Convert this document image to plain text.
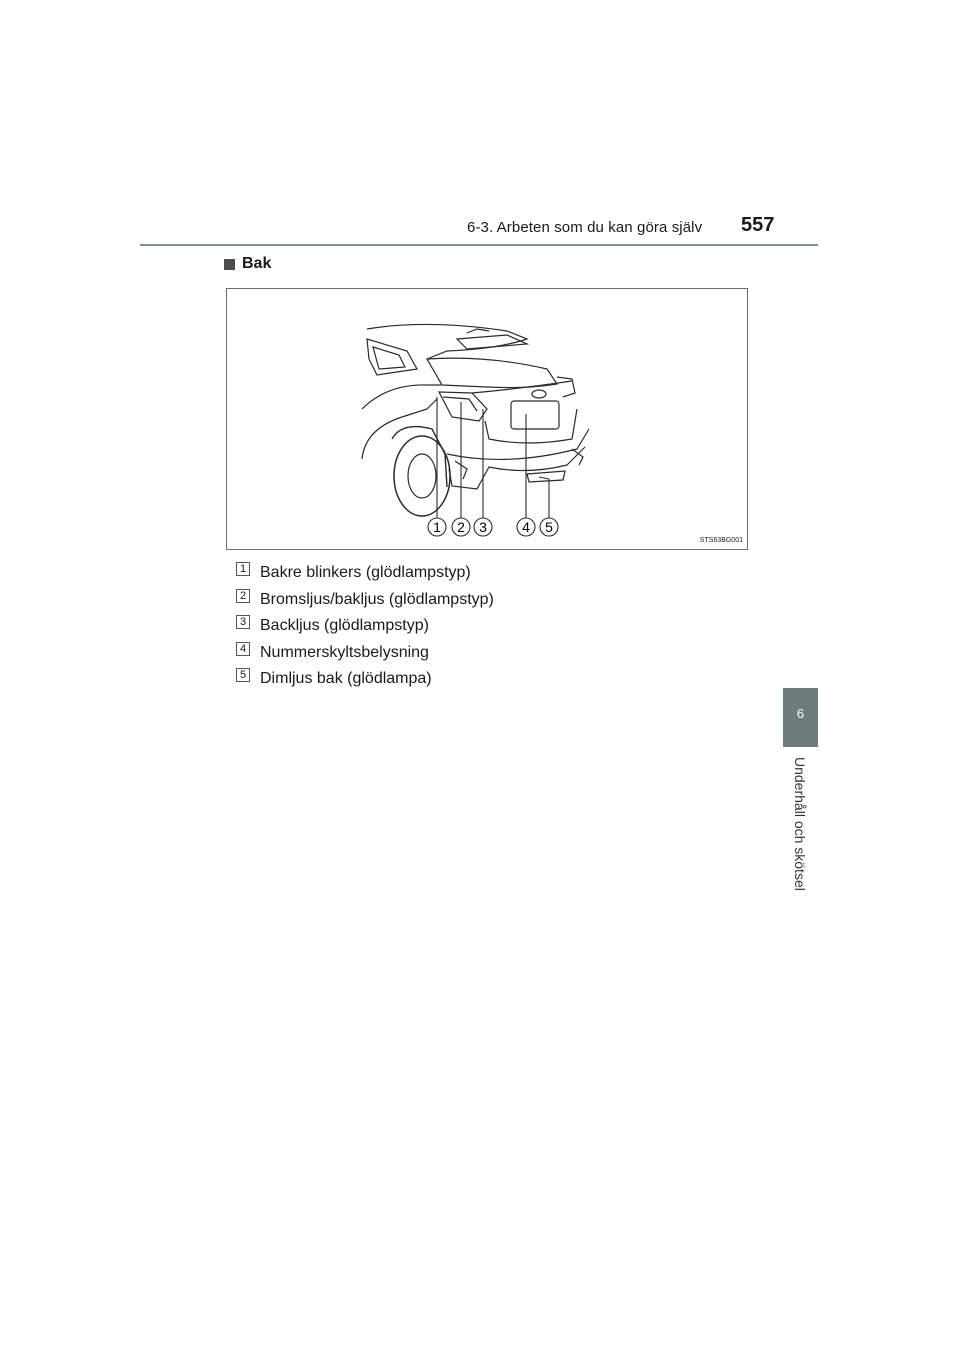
6-3. Arbeten som du kan göra själv 557
6
Underhåll och skötsel
Bak
1 2 3	4 5
STS63BG001
1 Bakre blinkers (glödlampstyp)
2 Bromsljus/bakljus (glödlampstyp)
3 Backljus (glödlampstyp)
4 Nummerskyltsbelysning
5 Dimljus bak (glödlampa)
